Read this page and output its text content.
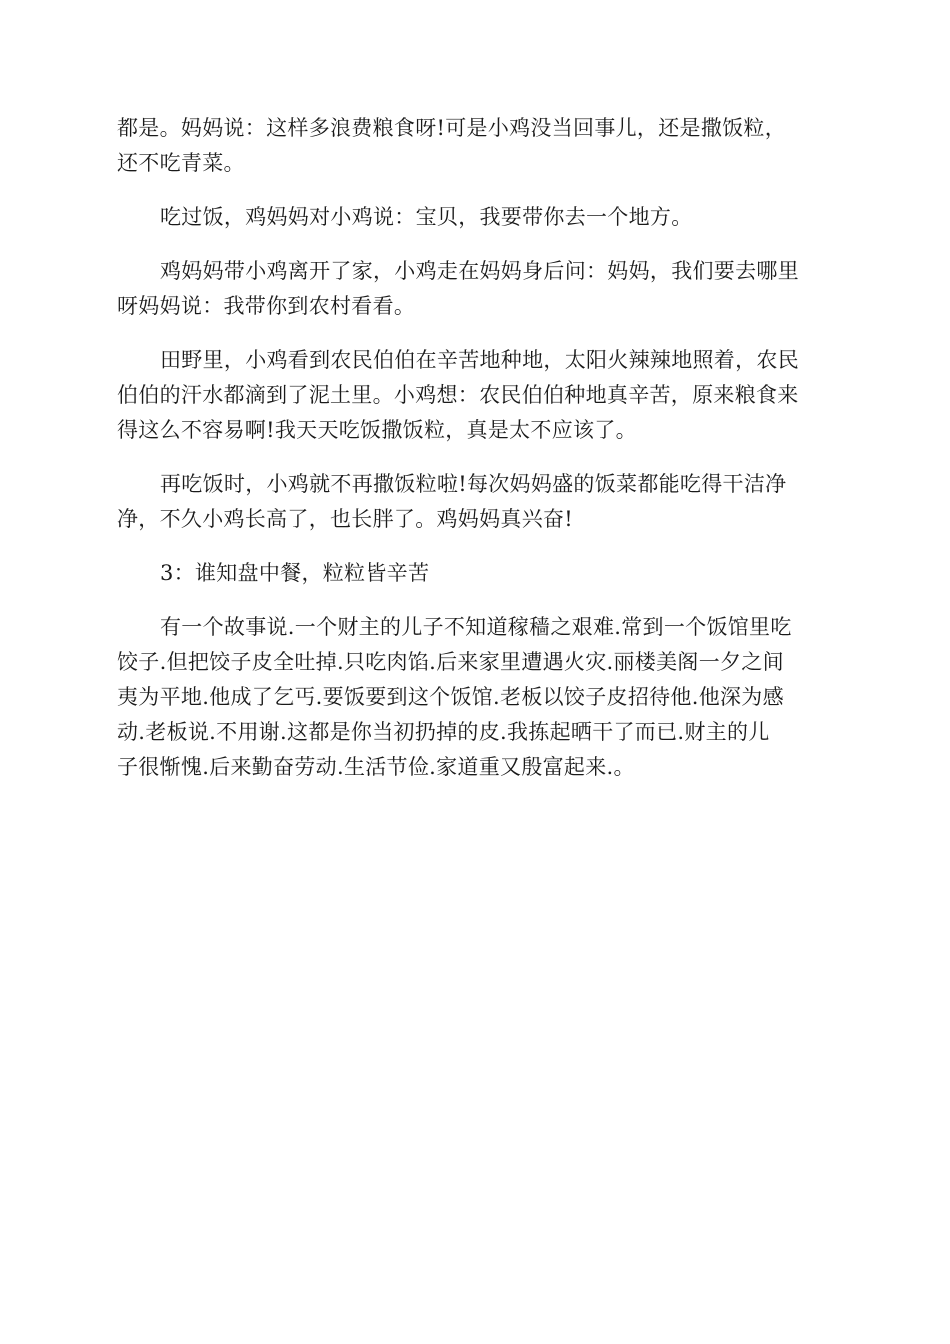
都是。妈妈说：这样多浪费粮食呀!可是小鸡没当回事儿，还是撒饭粒，
还不吃青菜。

吃过饭，鸡妈妈对小鸡说：宝贝，我要带你去一个地方。

鸡妈妈带小鸡离开了家，小鸡走在妈妈身后问：妈妈，我们要去哪里
呀妈妈说：我带你到农村看看。

田野里，小鸡看到农民伯伯在辛苦地种地，太阳火辣辣地照着，农民
伯伯的汗水都滴到了泥土里。小鸡想：农民伯伯种地真辛苦，原来粮食来
得这么不容易啊!我天天吃饭撒饭粒，真是太不应该了。

再吃饭时，小鸡就不再撒饭粒啦!每次妈妈盛的饭菜都能吃得干洁净
净，不久小鸡长高了，也长胖了。鸡妈妈真兴奋!

3：谁知盘中餐，粒粒皆辛苦

有一个故事说.一个财主的儿子不知道稼穑之艰难.常到一个饭馆里吃
饺子.但把饺子皮全吐掉.只吃肉馅.后来家里遭遇火灾.丽楼美阁一夕之间
夷为平地.他成了乞丐.要饭要到这个饭馆.老板以饺子皮招待他.他深为感
动.老板说.不用谢.这都是你当初扔掉的皮.我拣起晒干了而已.财主的儿
子很惭愧.后来勤奋劳动.生活节俭.家道重又殷富起来.。
